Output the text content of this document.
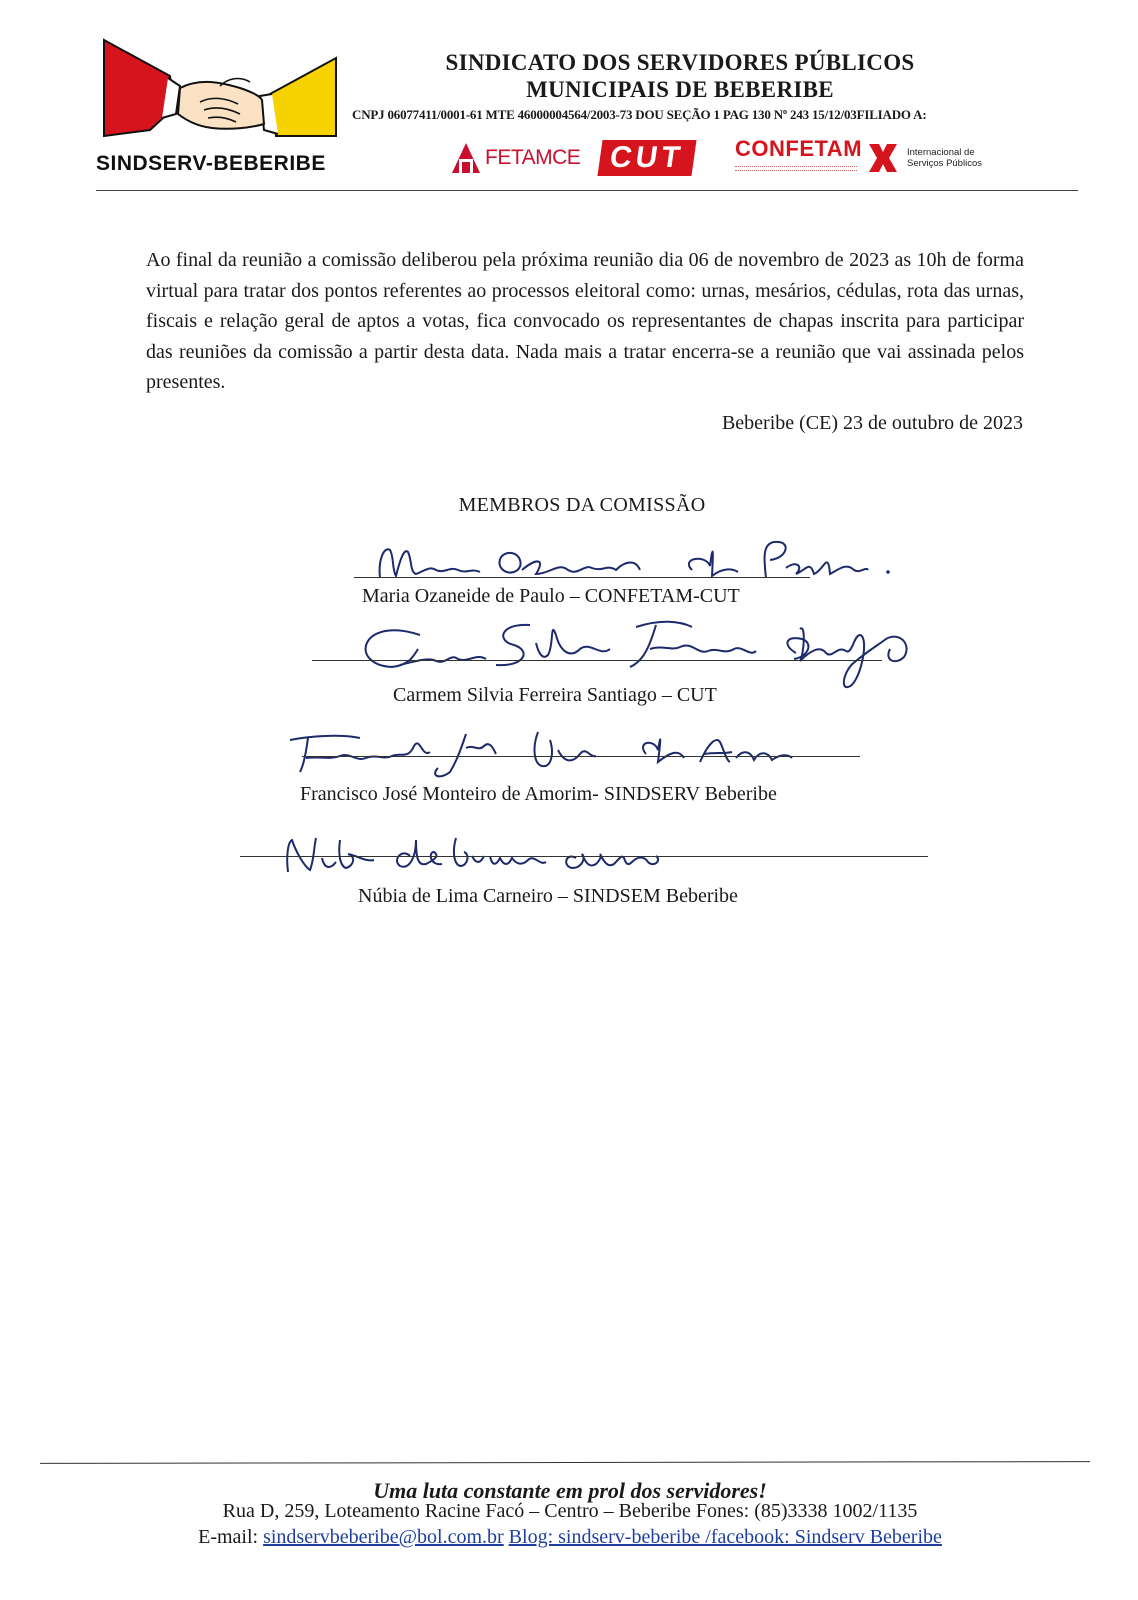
SINDSERV-BEBERIBE
SINDICATO DOS SERVIDORES PÚBLICOS
MUNICIPAIS DE BEBERIBE
CNPJ 06077411/0001-61 MTE 46000004564/2003-73 DOU SEÇÃO 1 PAG 130 Nº 243 15/12/03FILIADO A:
FETAMCE CUT	CONFETAM	Internacional de
Serviços Públicos
Ao final da reunião a comissão deliberou pela próxima reunião dia 06 de novembro de 2023 as 10h de forma virtual para tratar dos pontos referentes ao processos eleitoral como: urnas, mesários, cédulas, rota das urnas, fiscais e relação geral de aptos a votas, fica convocado os representantes de chapas inscrita para participar das reuniões da comissão a partir desta data. Nada mais a tratar encerra-se a reunião que vai assinada pelos presentes.
Beberibe (CE) 23 de outubro de 2023
MEMBROS DA COMISSÃO
Maria Ozaneide de Paulo – CONFETAM-CUT
Carmem Silvia Ferreira Santiago – CUT
Francisco José Monteiro de Amorim- SINDSERV Beberibe
Núbia de Lima Carneiro – SINDSEM Beberibe
Uma luta constante em prol dos servidores!
Rua D, 259, Loteamento Racine Facó – Centro – Beberibe Fones: (85)3338 1002/1135
E-mail: sindservbeberibe@bol.com.br Blog: sindserv-beberibe /facebook: Sindserv Beberibe
